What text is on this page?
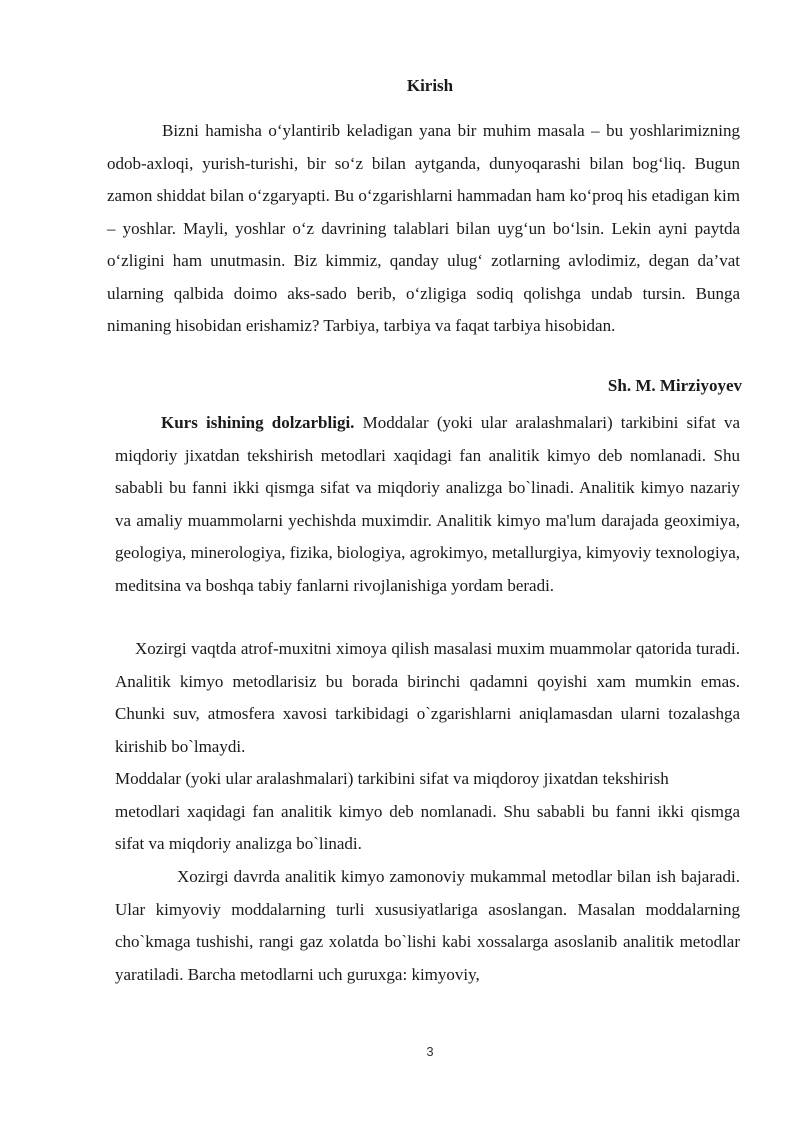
Kirish

Bizni hamisha o‘ylantirib keladigan yana bir muhim masala – bu yoshlarimizning odob-axloqi, yurish-turishi, bir so‘z bilan aytganda, dunyoqarashi bilan bog‘liq. Bugun zamon shiddat bilan o‘zgaryapti. Bu o‘zgarishlarni hammadan ham ko‘proq his etadigan kim – yoshlar. Mayli, yoshlar o‘z davrining talablari bilan uyg‘un bo‘lsin. Lekin ayni paytda o‘zligini ham unutmasin. Biz kimmiz, qanday ulug‘ zotlarning avlodimiz, degan da’vat ularning qalbida doimo aks-sado berib, o‘zligiga sodiq qolishga undab tursin. Bunga nimaning hisobidan erishamiz? Tarbiya, tarbiya va faqat tarbiya hisobidan.

Sh. M. Mirziyoyev

Kurs ishining dolzarbligi. Moddalar (yoki ular aralashmalari) tarkibini sifat va miqdoriy jixatdan tekshirish metodlari xaqidagi fan analitik kimyo deb nomlanadi. Shu sababli bu fanni ikki qismga sifat va miqdoriy analizga bo`linadi. Analitik kimyo nazariy va amaliy muammolarni yechishda muximdir. Analitik kimyo ma'lum darajada geoximiya, geologiya, minerologiya, fizika, biologiya, agrokimyo, metallurgiya, kimyoviy texnologiya, meditsina va boshqa tabiy fanlarni rivojlanishiga yordam beradi.

Xozirgi vaqtda atrof-muxitni ximoya qilish masalasi muxim muammolar qatorida turadi. Analitik kimyo metodlarisiz bu borada birinchi qadamni qoyishi xam mumkin emas. Chunki suv, atmosfera xavosi tarkibidagi o`zgarishlarni aniqlamasdan ularni tozalashga kirishib bo`lmaydi.

Moddalar (yoki ular aralashmalari) tarkibini sifat va miqdoroy jixatdan tekshirish
metodlari xaqidagi fan analitik kimyo deb nomlanadi. Shu sababli bu fanni ikki qismga sifat va miqdoriy analizga bo`linadi.

Xozirgi davrda analitik kimyo zamonoviy mukammal metodlar bilan ish bajaradi. Ular kimyoviy moddalarning turli xususiyatlariga asoslangan. Masalan moddalarning cho`kmaga tushishi, rangi gaz xolatda bo`lishi kabi xossalarga asoslanib analitik metodlar yaratiladi. Barcha metodlarni uch guruxga: kimyoviy,

3
